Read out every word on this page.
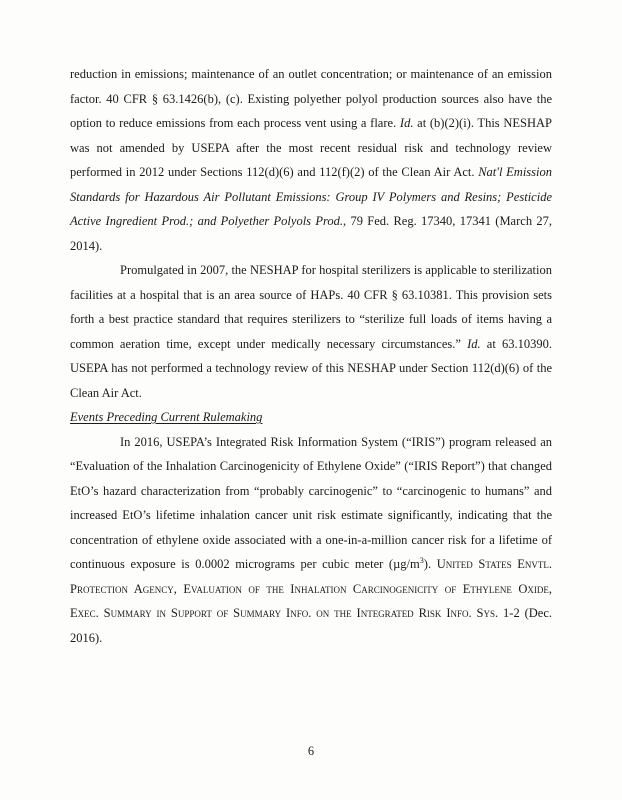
reduction in emissions; maintenance of an outlet concentration; or maintenance of an emission factor. 40 CFR § 63.1426(b), (c). Existing polyether polyol production sources also have the option to reduce emissions from each process vent using a flare. Id. at (b)(2)(i). This NESHAP was not amended by USEPA after the most recent residual risk and technology review performed in 2012 under Sections 112(d)(6) and 112(f)(2) of the Clean Air Act. Nat'l Emission Standards for Hazardous Air Pollutant Emissions: Group IV Polymers and Resins; Pesticide Active Ingredient Prod.; and Polyether Polyols Prod., 79 Fed. Reg. 17340, 17341 (March 27, 2014).

Promulgated in 2007, the NESHAP for hospital sterilizers is applicable to sterilization facilities at a hospital that is an area source of HAPs. 40 CFR § 63.10381. This provision sets forth a best practice standard that requires sterilizers to “sterilize full loads of items having a common aeration time, except under medically necessary circumstances.” Id. at 63.10390. USEPA has not performed a technology review of this NESHAP under Section 112(d)(6) of the Clean Air Act.

Events Preceding Current Rulemaking

In 2016, USEPA’s Integrated Risk Information System (“IRIS”) program released an “Evaluation of the Inhalation Carcinogenicity of Ethylene Oxide” (“IRIS Report”) that changed EtO’s hazard characterization from “probably carcinogenic” to “carcinogenic to humans” and increased EtO’s lifetime inhalation cancer unit risk estimate significantly, indicating that the concentration of ethylene oxide associated with a one-in-a-million cancer risk for a lifetime of continuous exposure is 0.0002 micrograms per cubic meter $(\mu g/m^3)$. United States Envtl. Protection Agency, Evaluation of the Inhalation Carcinogenicity of Ethylene Oxide, Exec. Summary in Support of Summary Info. on the Integrated Risk Info. Sys. 1-2 (Dec. 2016).

6
